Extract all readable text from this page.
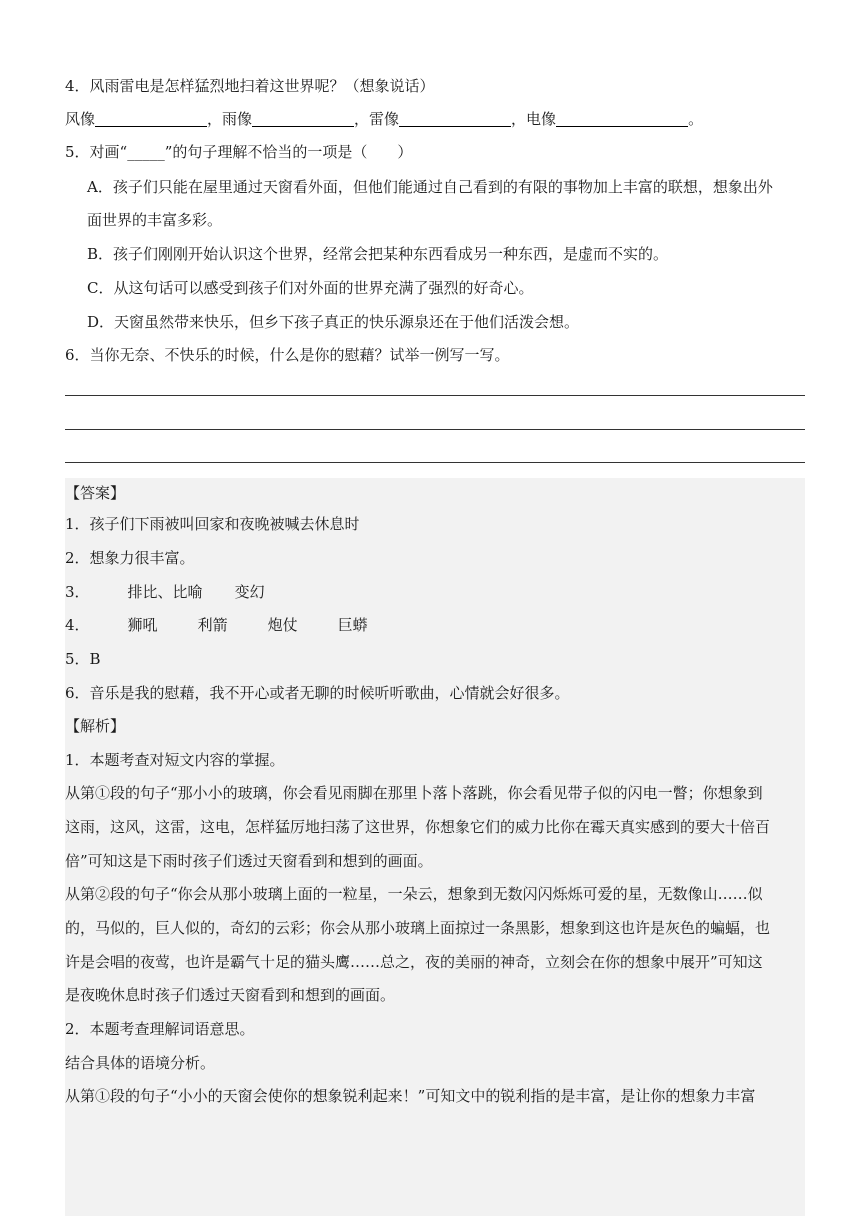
4．风雨雷电是怎样猛烈地扫着这世界呢？（想象说话）
风像	，雨像	，雷像	，电像	。
5．对画“_____”的句子理解不恰当的一项是（　　）
A．孩子们只能在屋里通过天窗看外面，但他们能通过自己看到的有限的事物加上丰富的联想，想象出外
面世界的丰富多彩。
B．孩子们刚刚开始认识这个世界，经常会把某种东西看成另一种东西，是虚而不实的。
C．从这句话可以感受到孩子们对外面的世界充满了强烈的好奇心。
D．天窗虽然带来快乐，但乡下孩子真正的快乐源泉还在于他们活泼会想。
6．当你无奈、不快乐的时候，什么是你的慰藉？试举一例写一写。
【答案】
1．孩子们下雨被叫回家和夜晚被喊去休息时
2．想象力很丰富。
3．	排比、比喻 变幻
4．	狮吼	利箭	炮仗	巨蟒
5．B
6．音乐是我的慰藉，我不开心或者无聊的时候听听歌曲，心情就会好很多。
【解析】
1．本题考查对短文内容的掌握。
从第①段的句子“那小小的玻璃，你会看见雨脚在那里卜落卜落跳，你会看见带子似的闪电一瞥；你想象到
这雨，这风，这雷，这电，怎样猛厉地扫荡了这世界，你想象它们的威力比你在霉天真实感到的要大十倍百
倍”可知这是下雨时孩子们透过天窗看到和想到的画面。
从第②段的句子“你会从那小玻璃上面的一粒星，一朵云，想象到无数闪闪烁烁可爱的星，无数像山……似
的，马似的，巨人似的，奇幻的云彩；你会从那小玻璃上面掠过一条黑影，想象到这也许是灰色的蝙蝠，也
许是会唱的夜莺，也许是霸气十足的猫头鹰……总之，夜的美丽的神奇，立刻会在你的想象中展开”可知这
是夜晚休息时孩子们透过天窗看到和想到的画面。
2．本题考查理解词语意思。
结合具体的语境分析。
从第①段的句子“小小的天窗会使你的想象锐利起来！”可知文中的锐利指的是丰富，是让你的想象力丰富
